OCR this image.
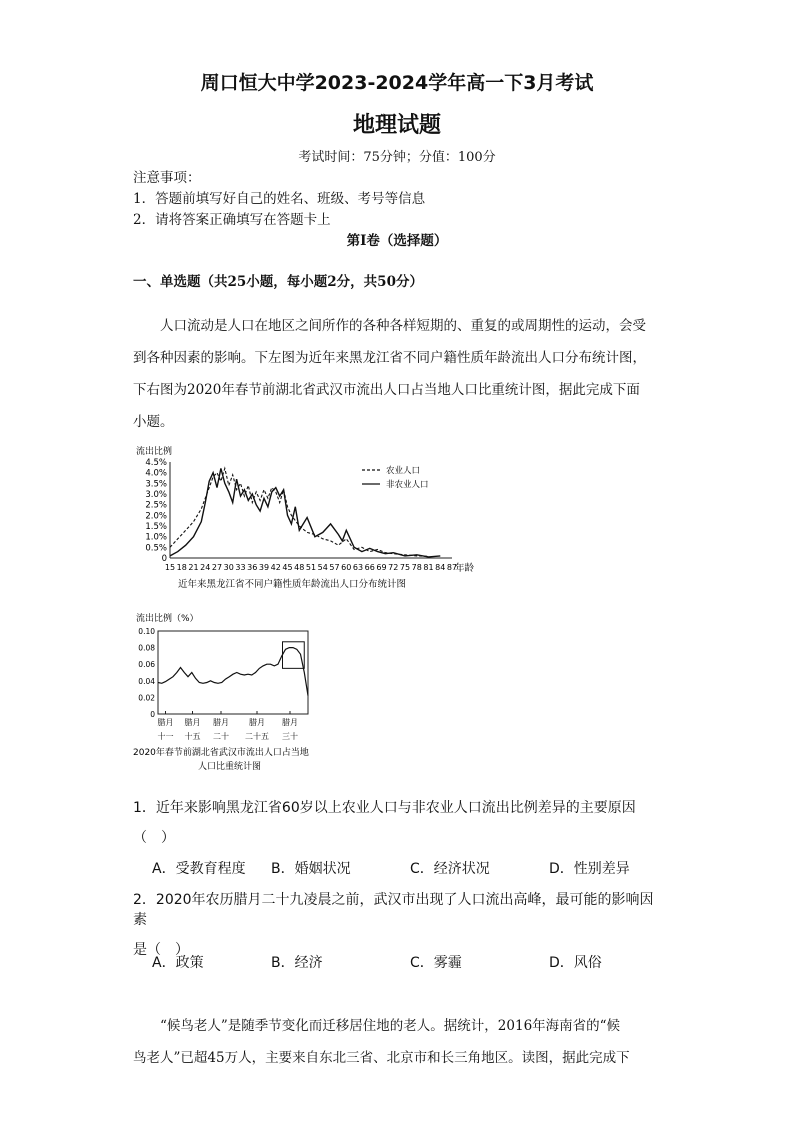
周口恒大中学2023-2024学年高一下3月考试
地理试题
考试时间：75分钟；分值：100分
注意事项：
1．答题前填写好自己的姓名、班级、考号等信息
2．请将答案正确填写在答题卡上
第I卷（选择题）
一、单选题（共25小题，每小题2分，共50分）
　　人口流动是人口在地区之间所作的各种各样短期的、重复的或周期性的运动，会受
到各种因素的影响。下左图为近年来黑龙江省不同户籍性质年龄流出人口分布统计图，
下右图为2020年春节前湖北省武汉市流出人口占当地人口比重统计图，据此完成下面
小题。
流出比例
0
0.5%
1.0%
1.5%
2.0%
2.5%
3.0%
3.5%
4.0%
4.5%
15 18 21 24 27 30 33 36 39 42 45 48 51 54 57 60 63 66 69 72 75 78 81 84 87
年龄
农业人口
非农业人口
近年来黑龙江省不同户籍性质年龄流出人口分布统计图
流出比例（%）
0
0.02
0.04
0.06
0.08
0.10
腊月
十一
腊月
十五
腊月
二十
腊月
二十五
腊月
三十
2020年春节前湖北省武汉市流出人口占当地
人口比重统计图
1．近年来影响黑龙江省60岁以上农业人口与非农业人口流出比例差异的主要原因
（　）
A．受教育程度 B．婚姻状况	C．经济状况	D．性别差异
2．2020年农历腊月二十九凌晨之前，武汉市出现了人口流出高峰，最可能的影响因素
是（　）
A．政策	B．经济	C．雾霾	D．风俗
　　“候鸟老人”是随季节变化而迁移居住地的老人。据统计，2016年海南省的“候
鸟老人”已超45万人，主要来自东北三省、北京市和长三角地区。读图，据此完成下
